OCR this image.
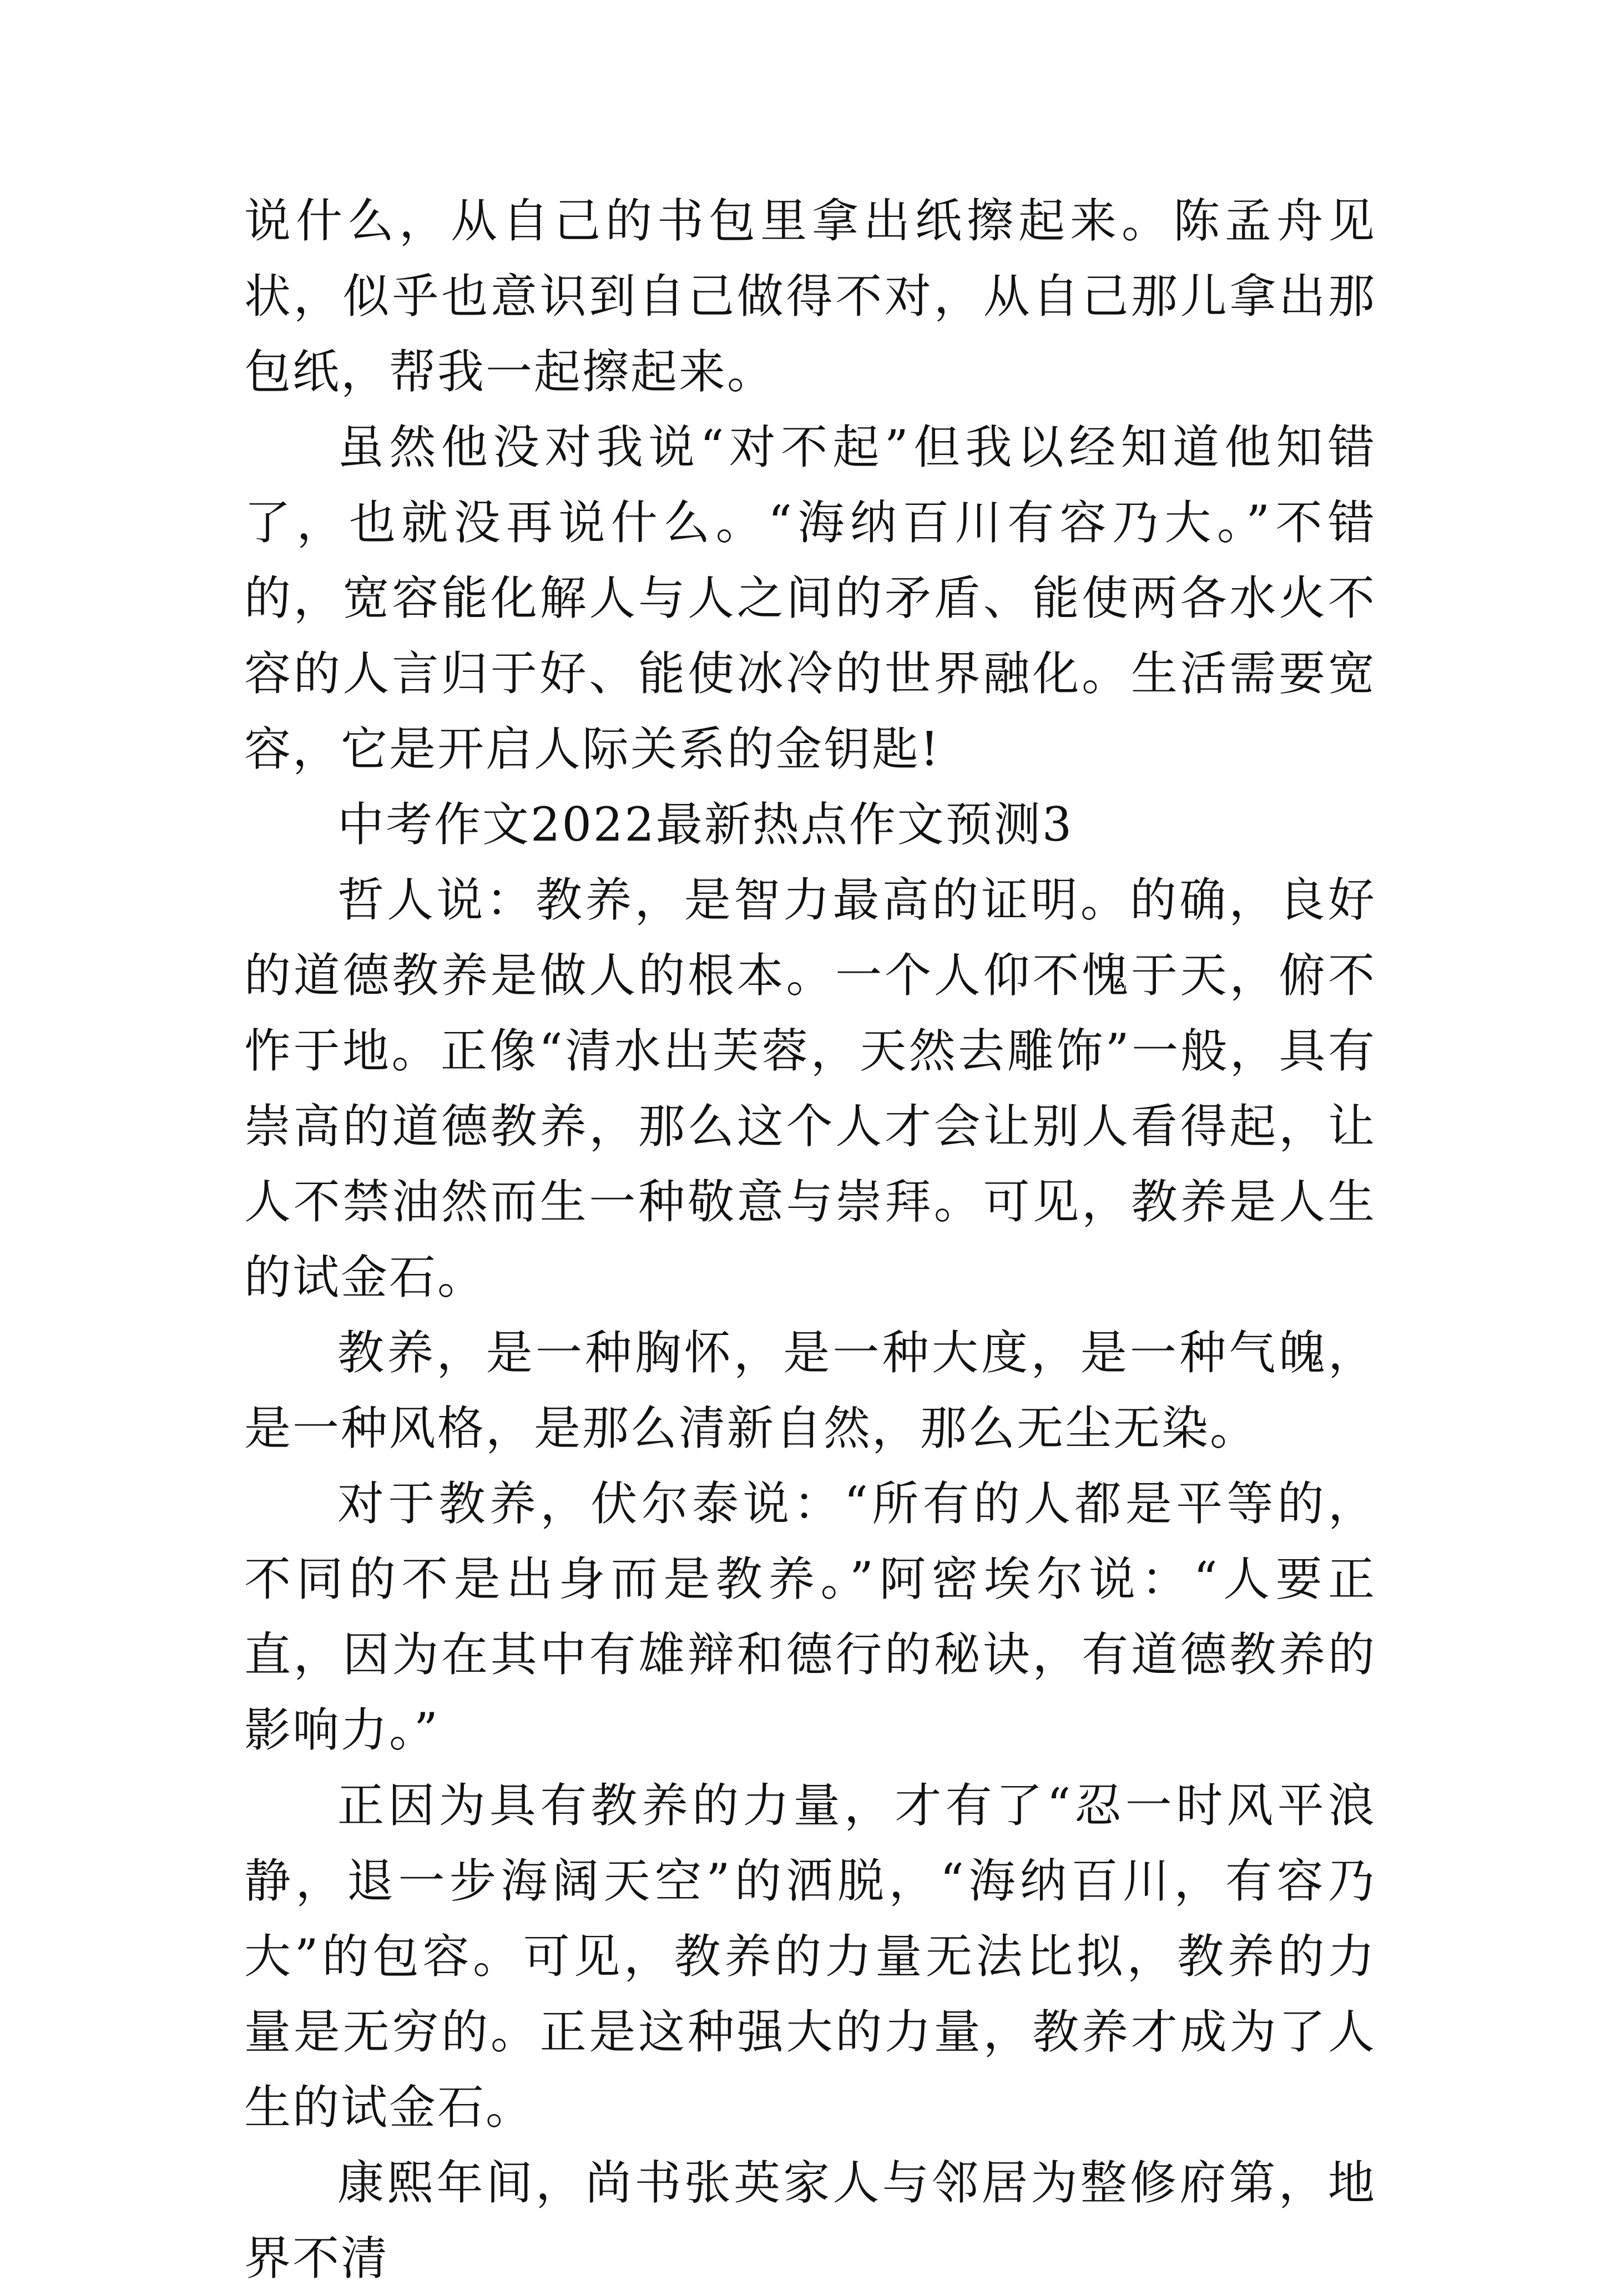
说什么，从自己的书包里拿出纸擦起来。陈孟舟见状，似乎也意识到自己做得不对，从自己那儿拿出那包纸，帮我一起擦起来。

虽然他没对我说“对不起”但我以经知道他知错了，也就没再说什么。“海纳百川有容乃大。”不错的，宽容能化解人与人之间的矛盾、能使两各水火不容的人言归于好、能使冰冷的世界融化。生活需要宽容，它是开启人际关系的金钥匙!

中考作文2022最新热点作文预测3

哲人说：教养，是智力最高的证明。的确，良好的道德教养是做人的根本。一个人仰不愧于天，俯不怍于地。正像“清水出芙蓉，天然去雕饰”一般，具有崇高的道德教养，那么这个人才会让别人看得起，让人不禁油然而生一种敬意与崇拜。可见，教养是人生的试金石。

教养，是一种胸怀，是一种大度，是一种气魄，是一种风格，是那么清新自然，那么无尘无染。

对于教养，伏尔泰说：“所有的人都是平等的，不同的不是出身而是教养。”阿密埃尔说：“人要正直，因为在其中有雄辩和德行的秘诀，有道德教养的影响力。”

正因为具有教养的力量，才有了“忍一时风平浪静，退一步海阔天空”的洒脱，“海纳百川，有容乃大”的包容。可见，教养的力量无法比拟，教养的力量是无穷的。正是这种强大的力量，教养才成为了人生的试金石。

康熙年间，尚书张英家人与邻居为整修府第，地界不清
